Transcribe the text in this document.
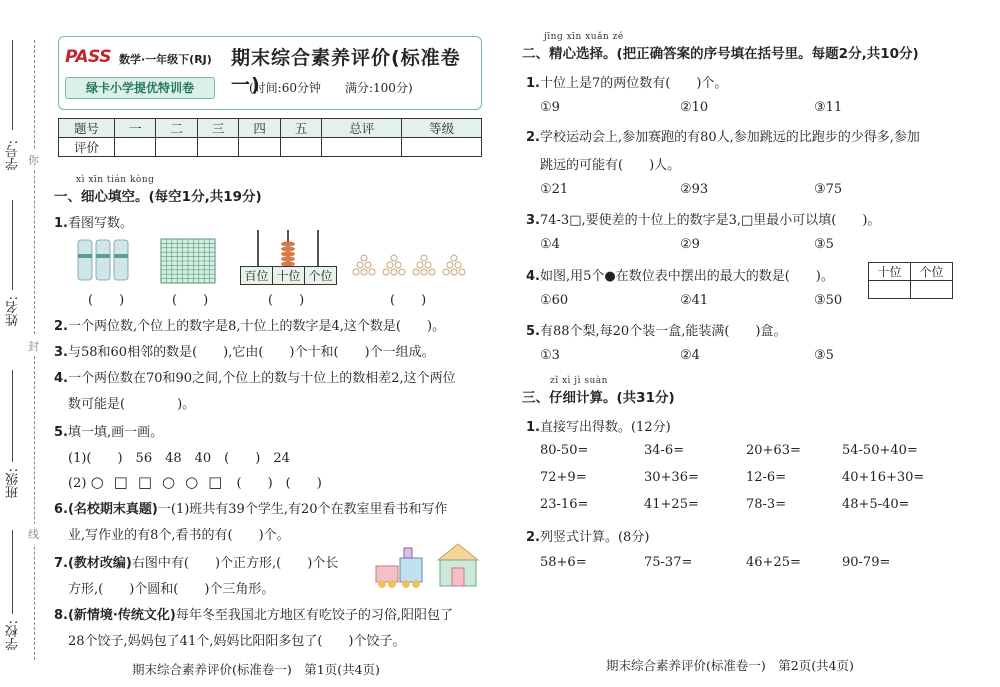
学号:
姓名:
班级:
学校:
你
封
线
PASS 数学·一年级下(RJ)
绿卡小学提优特训卷
期末综合素养评价(标准卷一)
(时间:60分钟　　满分:100分)
题号	一	二	三	四	五	总评	等级
评价							
xì xīn tián kòng
一、细心填空。(每空1分,共19分)
1.看图写数。
百位	十位	个位
(　　)	(　　)	(　　)	(　　)
2.一个两位数,个位上的数字是8,十位上的数字是4,这个数是(　　)。
3.与58和60相邻的数是(　　),它由(　　)个十和(　　)个一组成。
4.一个两位数在70和90之间,个位上的数与十位上的数相差2,这个两位
数可能是(　　　　)。
5.填一填,画一画。
(1)(　　)　56　48　40　(　　)　24
(2) ○□□○○□ (　　)　(　　)
6.(名校期末真题)一(1)班共有39个学生,有20个在教室里看书和写作
业,写作业的有8个,看书的有(　　)个。
7.(教材改编)右图中有(　　)个正方形,(　　)个长
方形,(　　)个圆和(　　)个三角形。
8.(新情境·传统文化)每年冬至我国北方地区有吃饺子的习俗,阳阳包了
28个饺子,妈妈包了41个,妈妈比阳阳多包了(　　)个饺子。
期末综合素养评价(标准卷一)　第1页(共4页)
jīng xīn xuǎn zé
二、精心选择。(把正确答案的序号填在括号里。每题2分,共10分)
1.十位上是7的两位数有(　　)个。
①9	②10	③11
2.学校运动会上,参加赛跑的有80人,参加跳远的比跑步的少得多,参加
跳远的可能有(　　)人。
①21	②93	③75
3.74-3□,要使差的十位上的数字是3,□里最小可以填(　　)。
①4	②9	③5
4.如图,用5个●在数位表中摆出的最大的数是(　　)。	十位	个位

①60	②41	③50
5.有88个梨,每20个装一盒,能装满(　　)盒。
①3	②4	③5
zǐ xì jì suàn
三、仔细计算。(共31分)
1.直接写出得数。(12分)
80-50=	34-6=	20+63=	54-50+40=
72+9=	30+36=	12-6=	40+16+30=
23-16=	41+25=	78-3=	48+5-40=
2.列竖式计算。(8分)
58+6=	75-37=	46+25=	90-79=
期末综合素养评价(标准卷一)　第2页(共4页)
